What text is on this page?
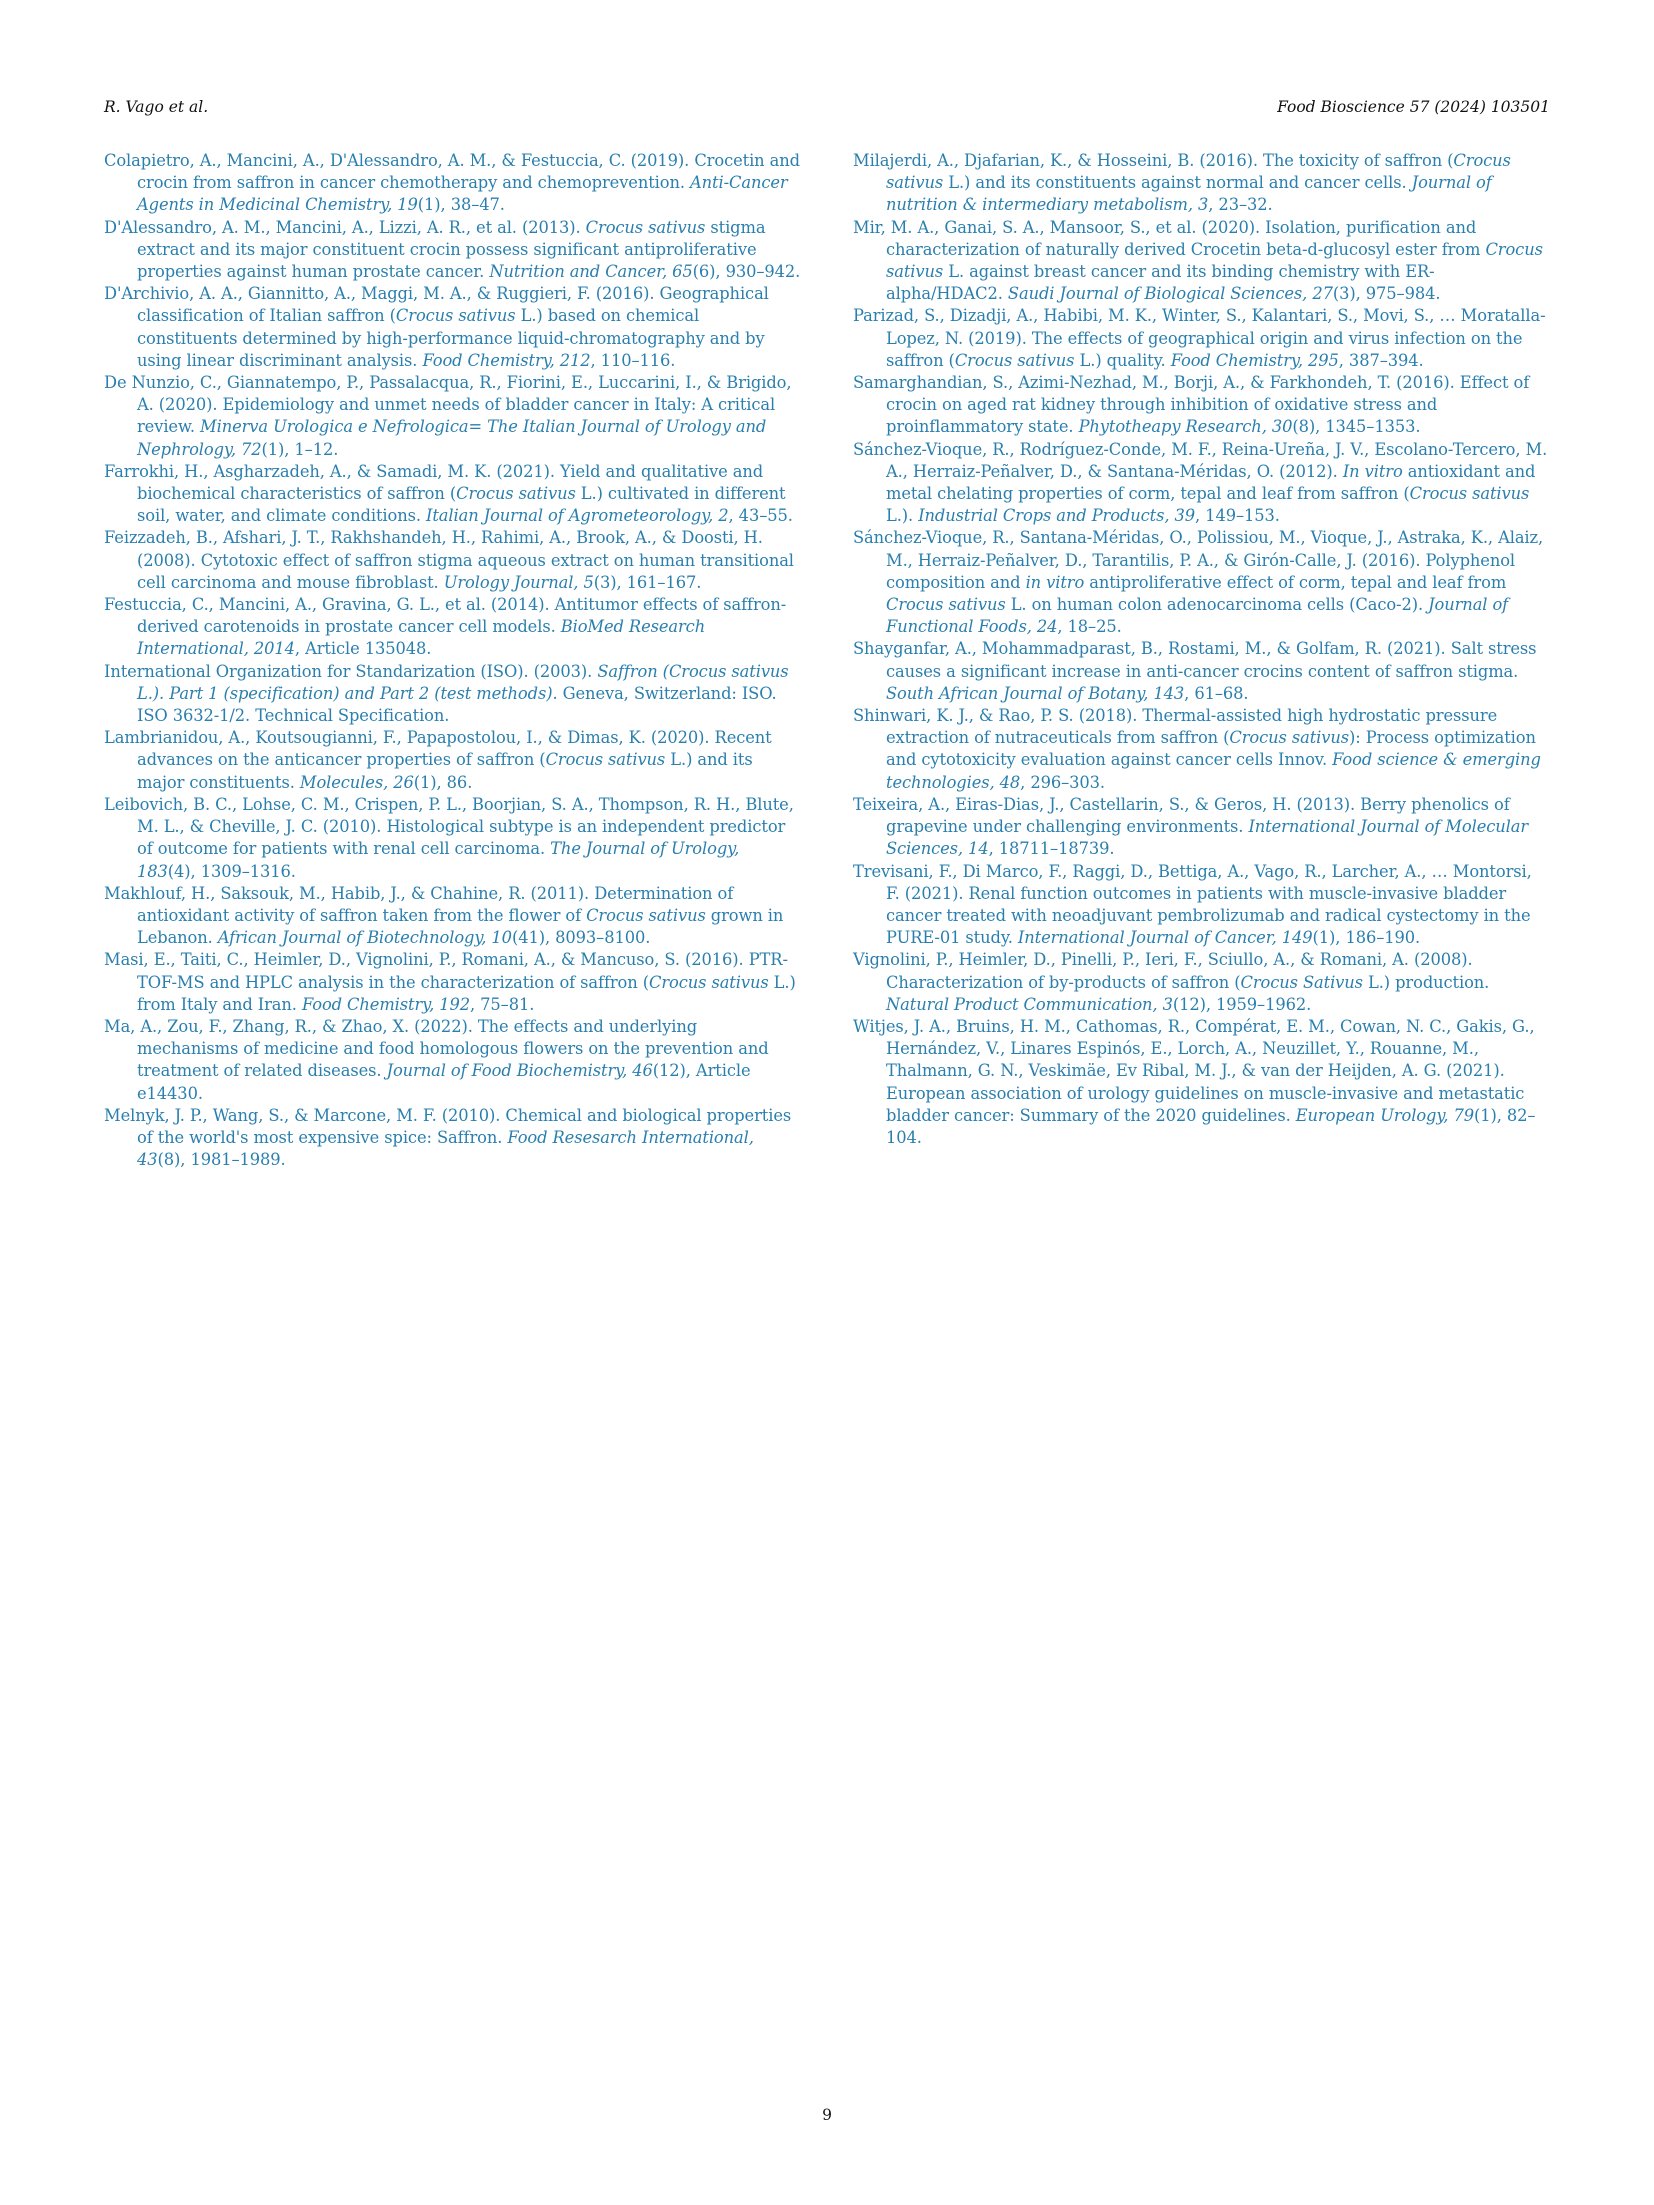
R. Vago et al.	Food Bioscience 57 (2024) 103501

Colapietro, A., Mancini, A., D'Alessandro, A. M., & Festuccia, C. (2019). Crocetin and crocin from saffron in cancer chemotherapy and chemoprevention. Anti-Cancer Agents in Medicinal Chemistry, 19(1), 38–47.

D'Alessandro, A. M., Mancini, A., Lizzi, A. R., et al. (2013). Crocus sativus stigma extract and its major constituent crocin possess significant antiproliferative properties against human prostate cancer. Nutrition and Cancer, 65(6), 930–942.

D'Archivio, A. A., Giannitto, A., Maggi, M. A., & Ruggieri, F. (2016). Geographical classification of Italian saffron (Crocus sativus L.) based on chemical constituents determined by high-performance liquid-chromatography and by using linear discriminant analysis. Food Chemistry, 212, 110–116.

De Nunzio, C., Giannatempo, P., Passalacqua, R., Fiorini, E., Luccarini, I., & Brigido, A. (2020). Epidemiology and unmet needs of bladder cancer in Italy: A critical review. Minerva Urologica e Nefrologica= The Italian Journal of Urology and Nephrology, 72(1), 1–12.

Farrokhi, H., Asgharzadeh, A., & Samadi, M. K. (2021). Yield and qualitative and biochemical characteristics of saffron (Crocus sativus L.) cultivated in different soil, water, and climate conditions. Italian Journal of Agrometeorology, 2, 43–55.

Feizzadeh, B., Afshari, J. T., Rakhshandeh, H., Rahimi, A., Brook, A., & Doosti, H. (2008). Cytotoxic effect of saffron stigma aqueous extract on human transitional cell carcinoma and mouse fibroblast. Urology Journal, 5(3), 161–167.

Festuccia, C., Mancini, A., Gravina, G. L., et al. (2014). Antitumor effects of saffron-derived carotenoids in prostate cancer cell models. BioMed Research International, 2014, Article 135048.

International Organization for Standarization (ISO). (2003). Saffron (Crocus sativus L.). Part 1 (specification) and Part 2 (test methods). Geneva, Switzerland: ISO. ISO 3632-1/2. Technical Specification.

Lambrianidou, A., Koutsougianni, F., Papapostolou, I., & Dimas, K. (2020). Recent advances on the anticancer properties of saffron (Crocus sativus L.) and its major constituents. Molecules, 26(1), 86.

Leibovich, B. C., Lohse, C. M., Crispen, P. L., Boorjian, S. A., Thompson, R. H., Blute, M. L., & Cheville, J. C. (2010). Histological subtype is an independent predictor of outcome for patients with renal cell carcinoma. The Journal of Urology, 183(4), 1309–1316.

Makhlouf, H., Saksouk, M., Habib, J., & Chahine, R. (2011). Determination of antioxidant activity of saffron taken from the flower of Crocus sativus grown in Lebanon. African Journal of Biotechnology, 10(41), 8093–8100.

Masi, E., Taiti, C., Heimler, D., Vignolini, P., Romani, A., & Mancuso, S. (2016). PTR-TOF-MS and HPLC analysis in the characterization of saffron (Crocus sativus L.) from Italy and Iran. Food Chemistry, 192, 75–81.

Ma, A., Zou, F., Zhang, R., & Zhao, X. (2022). The effects and underlying mechanisms of medicine and food homologous flowers on the prevention and treatment of related diseases. Journal of Food Biochemistry, 46(12), Article e14430.

Melnyk, J. P., Wang, S., & Marcone, M. F. (2010). Chemical and biological properties of the world's most expensive spice: Saffron. Food Resesarch International, 43(8), 1981–1989.

Milajerdi, A., Djafarian, K., & Hosseini, B. (2016). The toxicity of saffron (Crocus sativus L.) and its constituents against normal and cancer cells. Journal of nutrition & intermediary metabolism, 3, 23–32.

Mir, M. A., Ganai, S. A., Mansoor, S., et al. (2020). Isolation, purification and characterization of naturally derived Crocetin beta-d-glucosyl ester from Crocus sativus L. against breast cancer and its binding chemistry with ER-alpha/HDAC2. Saudi Journal of Biological Sciences, 27(3), 975–984.

Parizad, S., Dizadji, A., Habibi, M. K., Winter, S., Kalantari, S., Movi, S., … Moratalla-Lopez, N. (2019). The effects of geographical origin and virus infection on the saffron (Crocus sativus L.) quality. Food Chemistry, 295, 387–394.

Samarghandian, S., Azimi-Nezhad, M., Borji, A., & Farkhondeh, T. (2016). Effect of crocin on aged rat kidney through inhibition of oxidative stress and proinflammatory state. Phytotheapy Research, 30(8), 1345–1353.

Sánchez-Vioque, R., Rodríguez-Conde, M. F., Reina-Ureña, J. V., Escolano-Tercero, M. A., Herraiz-Peñalver, D., & Santana-Méridas, O. (2012). In vitro antioxidant and metal chelating properties of corm, tepal and leaf from saffron (Crocus sativus L.). Industrial Crops and Products, 39, 149–153.

Sánchez-Vioque, R., Santana-Méridas, O., Polissiou, M., Vioque, J., Astraka, K., Alaiz, M., Herraiz-Peñalver, D., Tarantilis, P. A., & Girón-Calle, J. (2016). Polyphenol composition and in vitro antiproliferative effect of corm, tepal and leaf from Crocus sativus L. on human colon adenocarcinoma cells (Caco-2). Journal of Functional Foods, 24, 18–25.

Shayganfar, A., Mohammadparast, B., Rostami, M., & Golfam, R. (2021). Salt stress causes a significant increase in anti-cancer crocins content of saffron stigma. South African Journal of Botany, 143, 61–68.

Shinwari, K. J., & Rao, P. S. (2018). Thermal-assisted high hydrostatic pressure extraction of nutraceuticals from saffron (Crocus sativus): Process optimization and cytotoxicity evaluation against cancer cells Innov. Food science & emerging technologies, 48, 296–303.

Teixeira, A., Eiras-Dias, J., Castellarin, S., & Geros, H. (2013). Berry phenolics of grapevine under challenging environments. International Journal of Molecular Sciences, 14, 18711–18739.

Trevisani, F., Di Marco, F., Raggi, D., Bettiga, A., Vago, R., Larcher, A., … Montorsi, F. (2021). Renal function outcomes in patients with muscle-invasive bladder cancer treated with neoadjuvant pembrolizumab and radical cystectomy in the PURE-01 study. International Journal of Cancer, 149(1), 186–190.

Vignolini, P., Heimler, D., Pinelli, P., Ieri, F., Sciullo, A., & Romani, A. (2008). Characterization of by-products of saffron (Crocus Sativus L.) production. Natural Product Communication, 3(12), 1959–1962.

Witjes, J. A., Bruins, H. M., Cathomas, R., Compérat, E. M., Cowan, N. C., Gakis, G., Hernández, V., Linares Espinós, E., Lorch, A., Neuzillet, Y., Rouanne, M., Thalmann, G. N., Veskimäe, Ev Ribal, M. J., & van der Heijden, A. G. (2021). European association of urology guidelines on muscle-invasive and metastatic bladder cancer: Summary of the 2020 guidelines. European Urology, 79(1), 82–104.

9
